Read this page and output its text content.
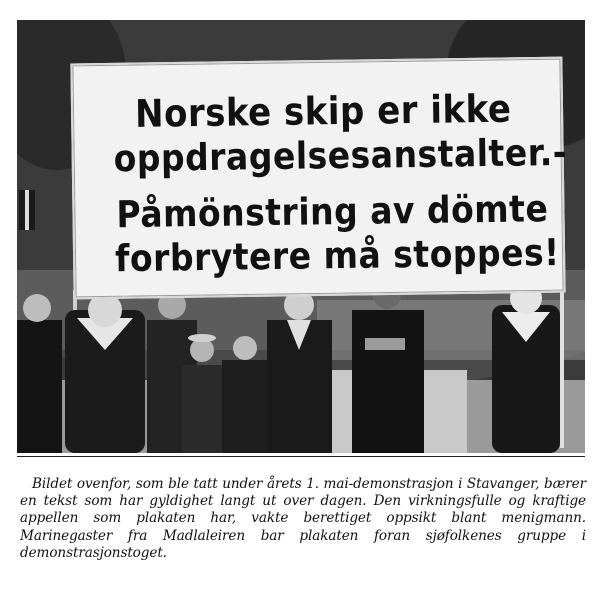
Norske skip er ikke
oppdragelsesanstalter.-
Påmönstring av dömte
forbrytere må stoppes!

Bildet ovenfor, som ble tatt under årets 1. mai-demonstrasjon i Stavanger, bærer en tekst som har gyldighet langt ut over dagen. Den virkningsfulle og kraftige appellen som plakaten har, vakte berettiget oppsikt blant menigmann. Marinegaster fra Madlaleiren bar plakaten foran sjøfolkenes gruppe i demonstrasjonstoget.
